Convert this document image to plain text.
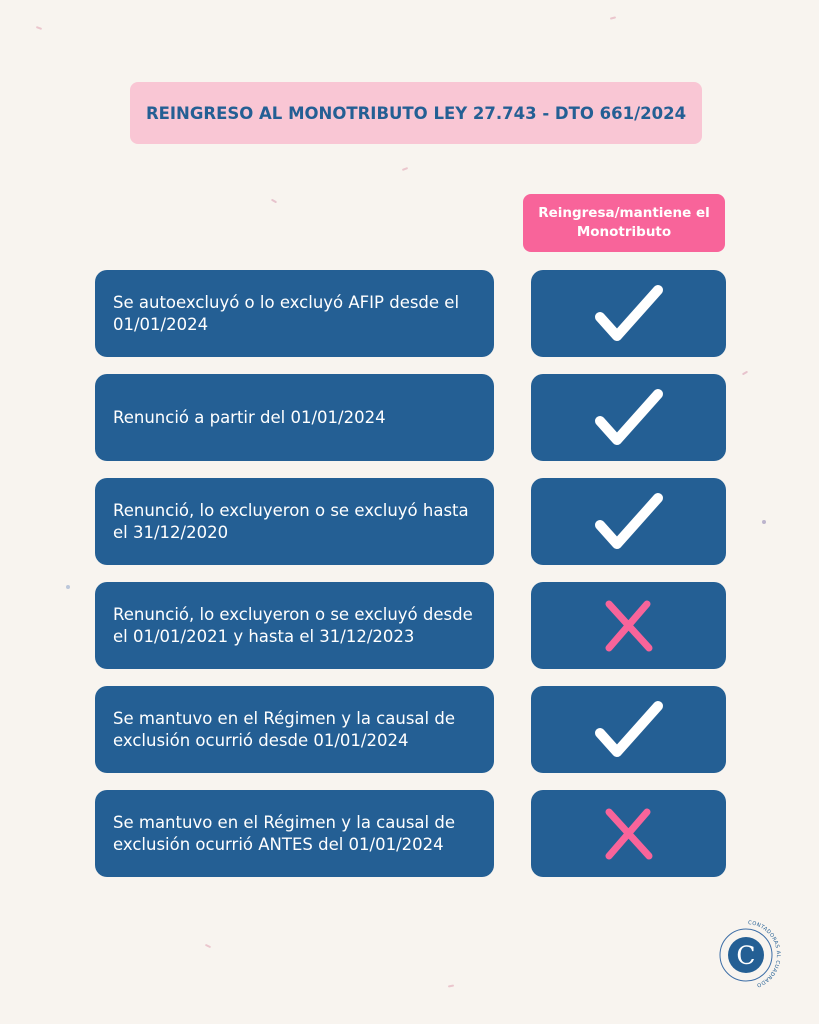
REINGRESO AL MONOTRIBUTO LEY 27.743 - DTO 661/2024
Reingresa/mantiene el Monotributo
Se autoexcluyó o lo excluyó AFIP desde el 01/01/2024
Renunció a partir del 01/01/2024
Renunció, lo excluyeron o se excluyó hasta el 31/12/2020
Renunció, lo excluyeron o se excluyó desde el 01/01/2021 y hasta el 31/12/2023
Se mantuvo en el Régimen y la causal de exclusión ocurrió desde 01/01/2024
Se mantuvo en el Régimen y la causal de exclusión ocurrió ANTES del 01/01/2024
C
CONTADORAS AL CUADRADO
